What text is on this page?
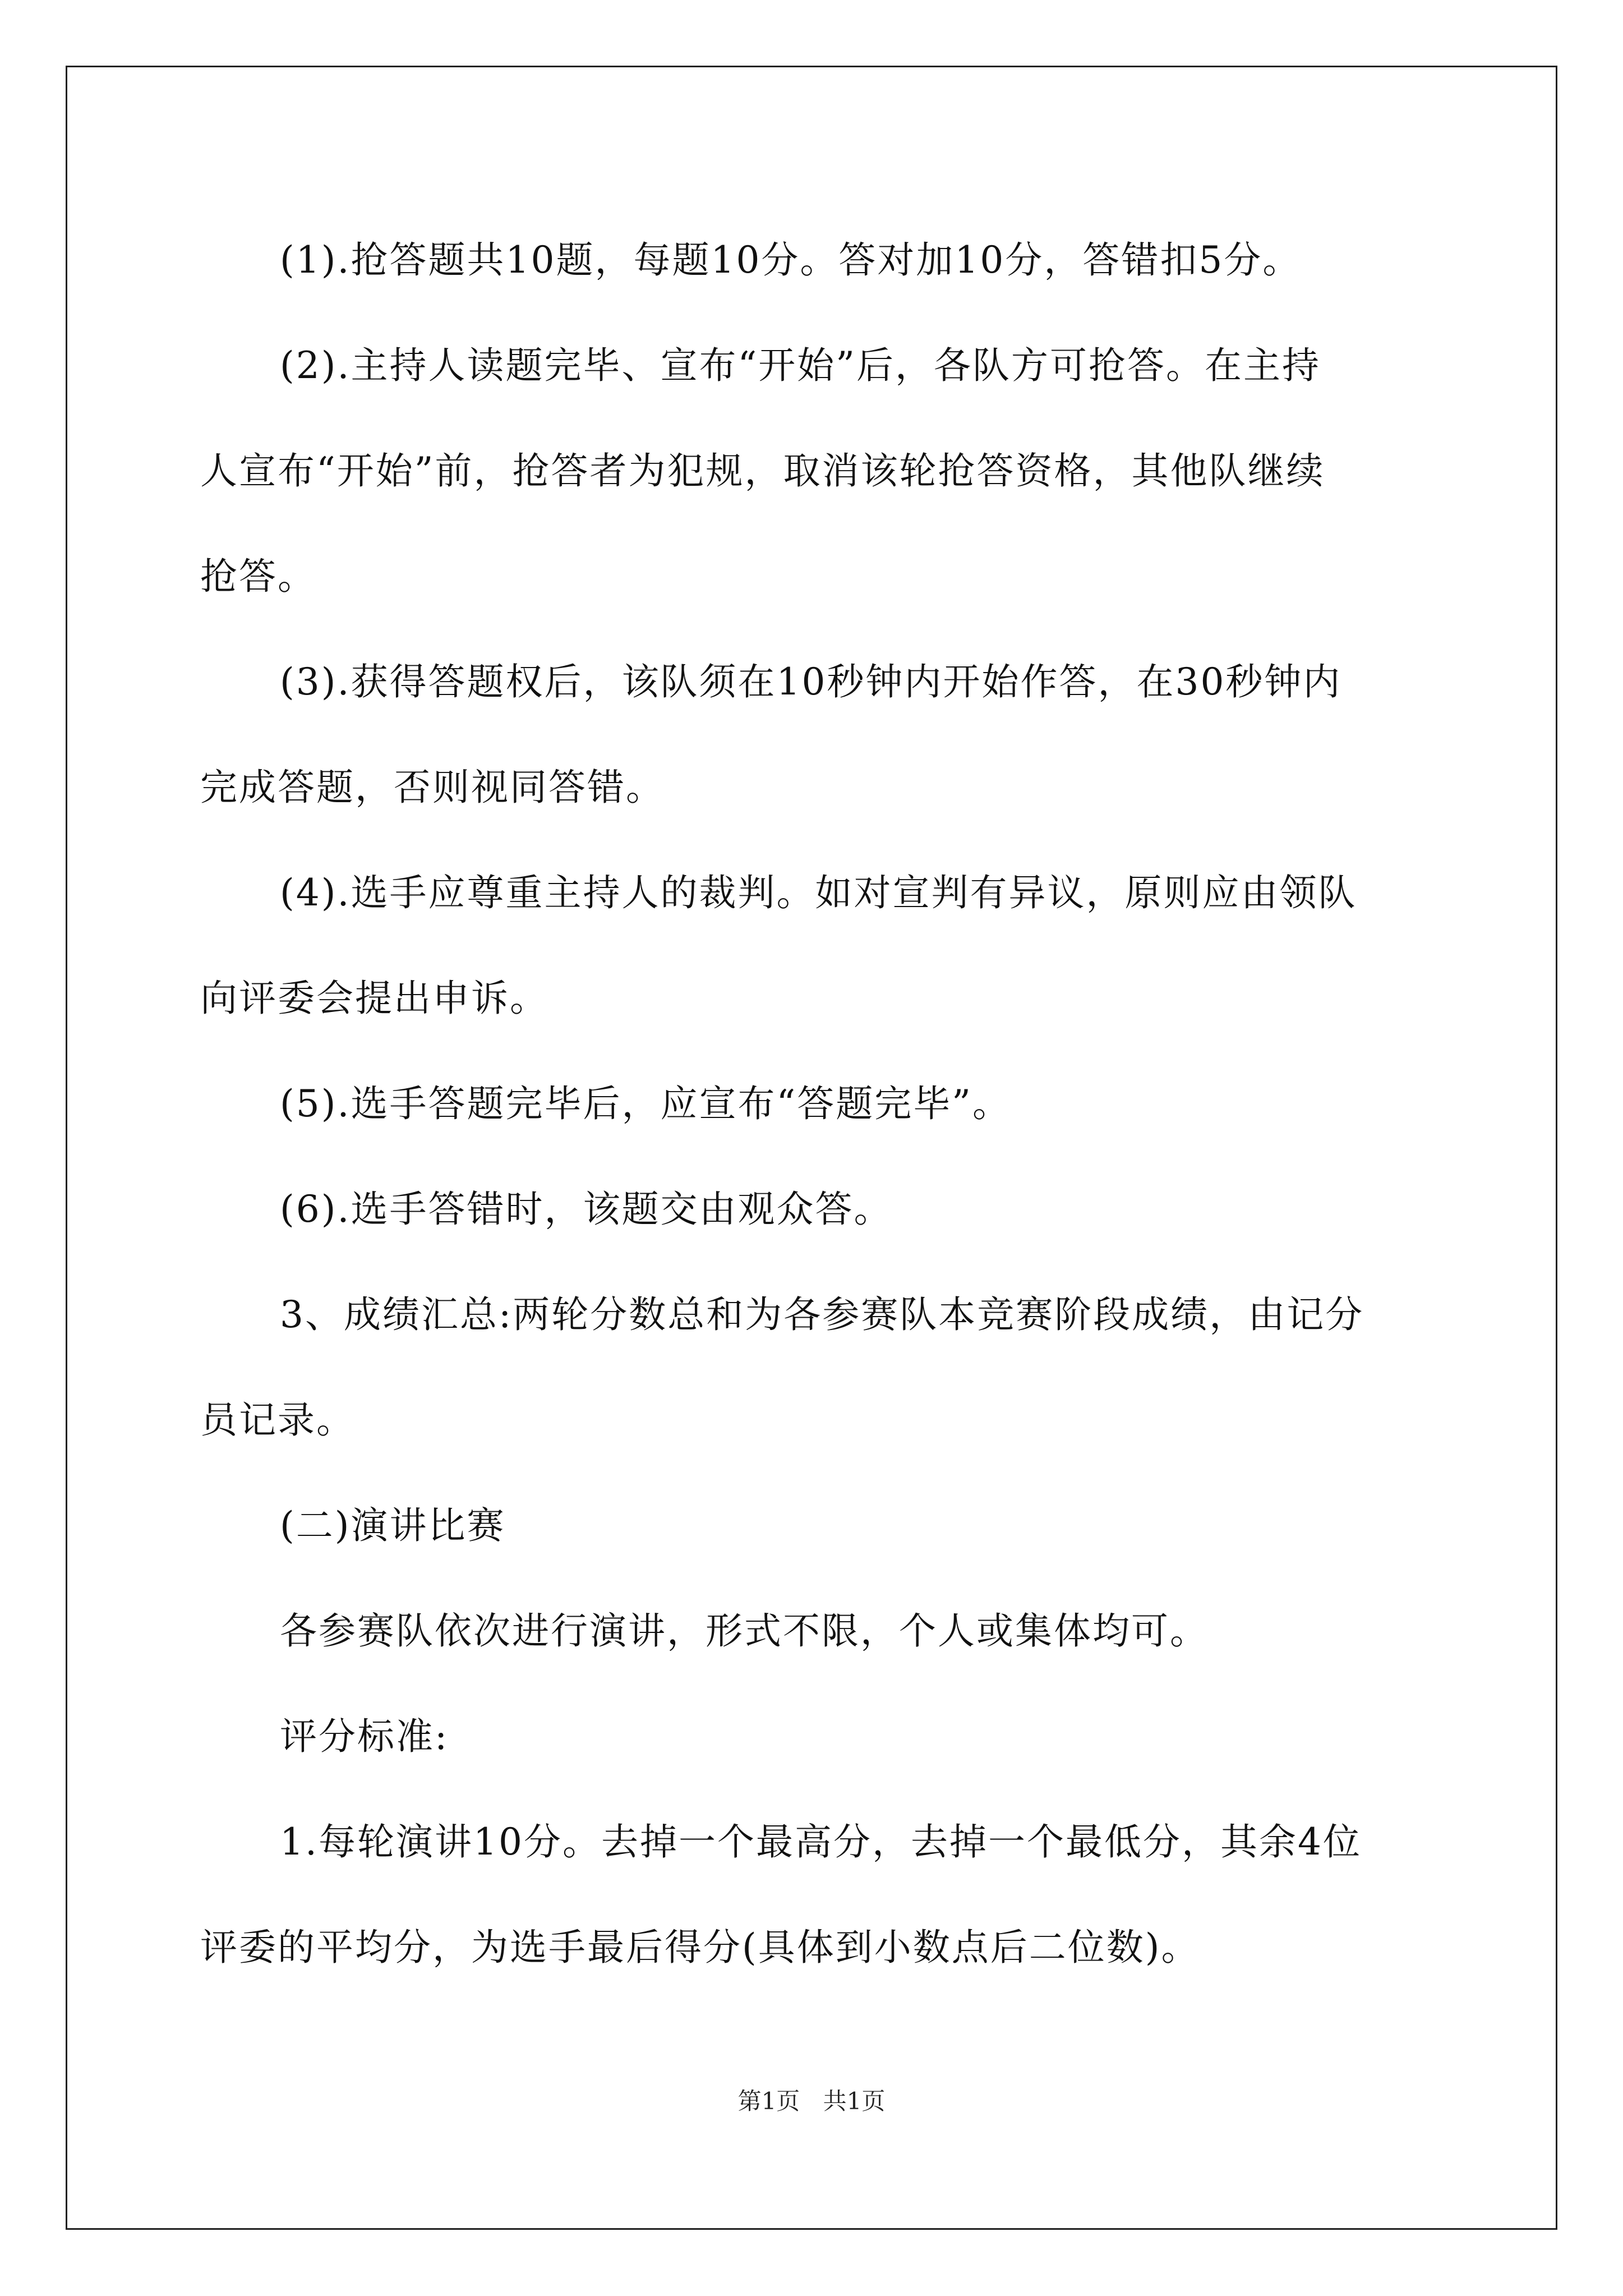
(1).抢答题共10题，每题10分。答对加10分，答错扣5分。

(2).主持人读题完毕、宣布“开始”后，各队方可抢答。在主持

人宣布“开始”前，抢答者为犯规，取消该轮抢答资格，其他队继续

抢答。

(3).获得答题权后，该队须在10秒钟内开始作答，在30秒钟内

完成答题，否则视同答错。

(4).选手应尊重主持人的裁判。如对宣判有异议，原则应由领队

向评委会提出申诉。

(5).选手答题完毕后，应宣布“答题完毕”。

(6).选手答错时，该题交由观众答。

3、成绩汇总:两轮分数总和为各参赛队本竞赛阶段成绩，由记分

员记录。

(二)演讲比赛

各参赛队依次进行演讲，形式不限，个人或集体均可。

评分标准:

1.每轮演讲10分。去掉一个最高分，去掉一个最低分，其余4位

评委的平均分，为选手最后得分(具体到小数点后二位数)。

第1页 共1页
